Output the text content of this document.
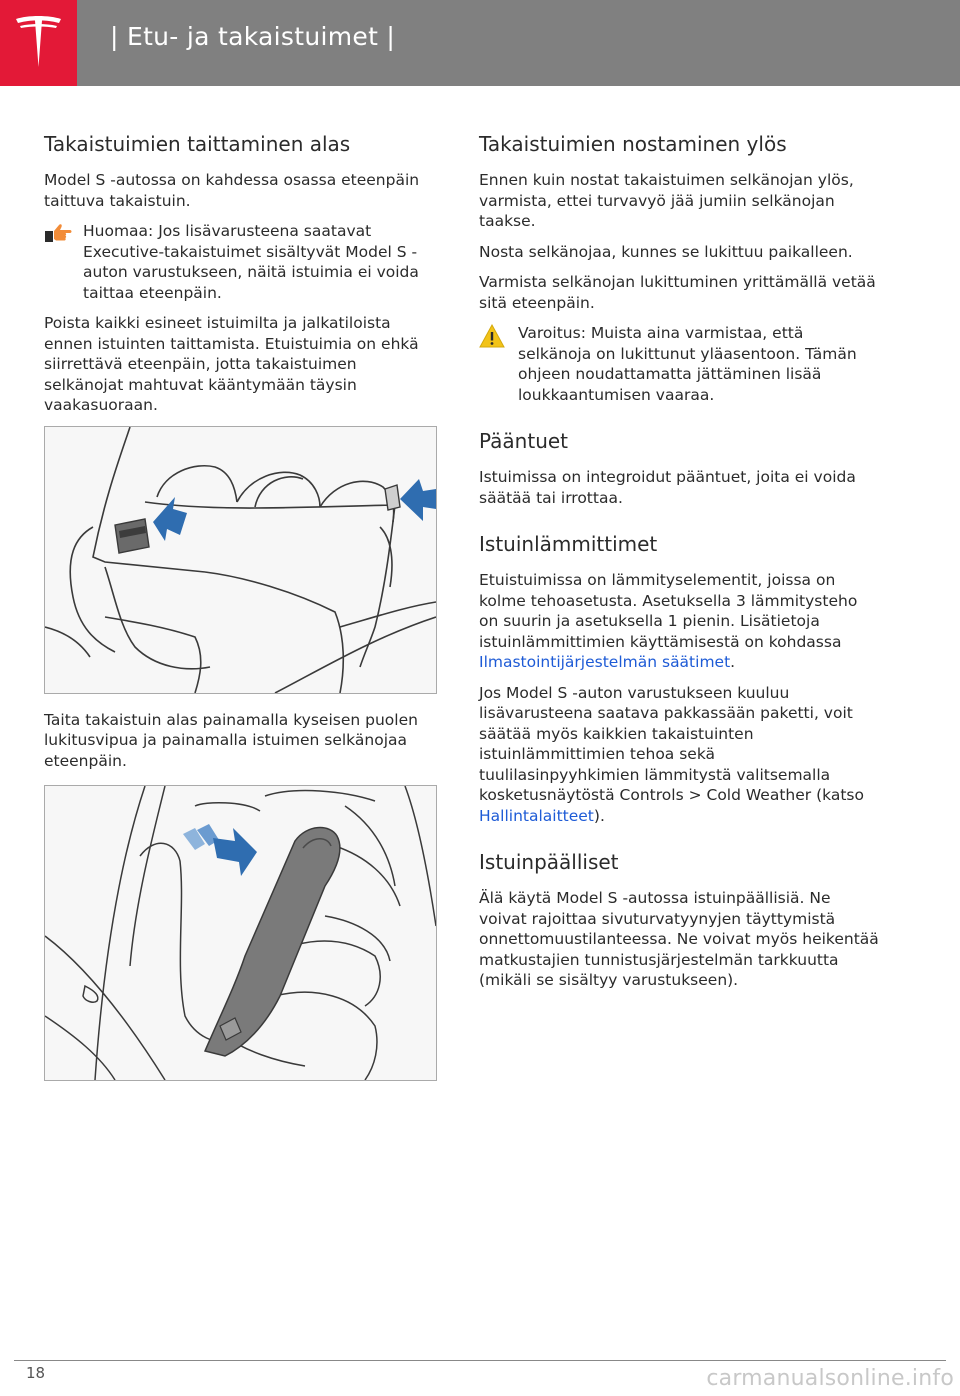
| Etu- ja takaistuimet |
Takaistuimien taittaminen alas

Model S -autossa on kahdessa osassa eteenpäin taittuva takaistuin.

Huomaa: Jos lisävarusteena saatavat Executive-takaistuimet sisältyvät Model S -auton varustukseen, näitä istuimia ei voida taittaa eteenpäin.

Poista kaikki esineet istuimilta ja jalkatiloista ennen istuinten taittamista. Etuistuimia on ehkä siirrettävä eteenpäin, jotta takaistuimen selkänojat mahtuvat kääntymään täysin vaakasuoraan.

Taita takaistuin alas painamalla kyseisen puolen lukitusvipua ja painamalla istuimen selkänojaa eteenpäin.

Takaistuimien nostaminen ylös

Ennen kuin nostat takaistuimen selkänojan ylös, varmista, ettei turvavyö jää jumiin selkänojan taakse.

Nosta selkänojaa, kunnes se lukittuu paikalleen.

Varmista selkänojan lukittuminen yrittämällä vetää sitä eteenpäin.

Varoitus: Muista aina varmistaa, että selkänoja on lukittunut yläasentoon. Tämän ohjeen noudattamatta jättäminen lisää loukkaantumisen vaaraa.

Pääntuet

Istuimissa on integroidut pääntuet, joita ei voida säätää tai irrottaa.

Istuinlämmittimet

Etuistuimissa on lämmityselementit, joissa on kolme tehoasetusta. Asetuksella 3 lämmitysteho on suurin ja asetuksella 1 pienin. Lisätietoja istuinlämmittimien käyttämisestä on kohdassa Ilmastointijärjestelmän säätimet.

Jos Model S -auton varustukseen kuuluu lisävarusteena saatava pakkassään paketti, voit säätää myös kaikkien takaistuinten istuinlämmittimien tehoa sekä tuulilasinpyyhkimien lämmitystä valitsemalla kosketusnäytöstä Controls > Cold Weather (katso Hallintalaitteet).

Istuinpäälliset

Älä käytä Model S -autossa istuinpäällisiä. Ne voivat rajoittaa sivuturvatyynyjen täyttymistä onnettomuustilanteessa. Ne voivat myös heikentää matkustajien tunnistusjärjestelmän tarkkuutta (mikäli se sisältyy varustukseen).

18	carmanualsonline.info
